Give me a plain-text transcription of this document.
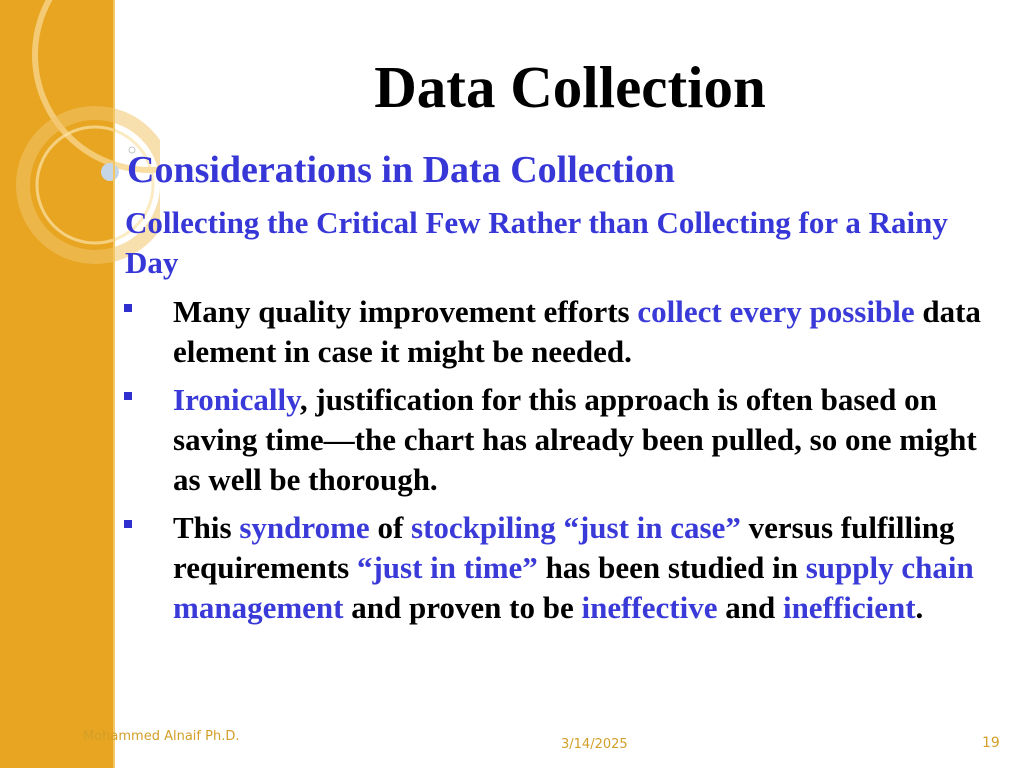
Data Collection
Considerations in Data Collection
Collecting the Critical Few Rather than Collecting for a Rainy Day
Many quality improvement efforts collect every possible data element in case it might be needed.
Ironically, justification for this approach is often based on saving time—the chart has already been pulled, so one might as well be thorough.
This syndrome of stockpiling “just in case” versus fulfilling requirements “just in time” has been studied in supply chain management and proven to be ineffective and inefficient.
Mohammed Alnaif Ph.D.
3/14/2025	19
